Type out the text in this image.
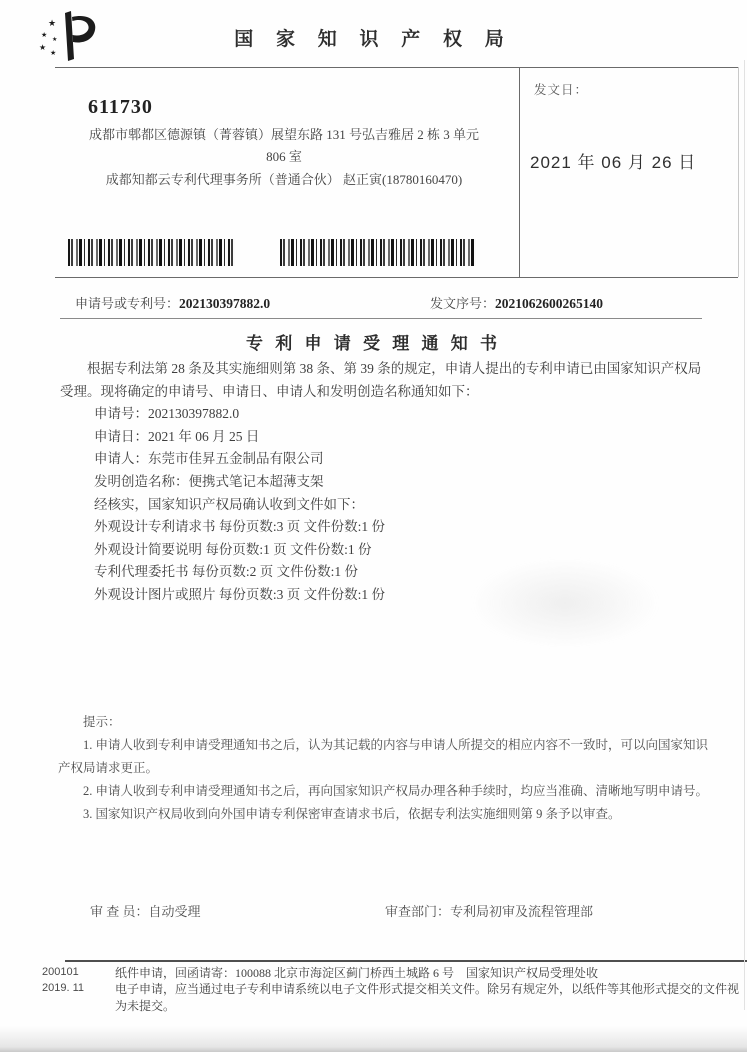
★
★
★
★
★
国 家 知 识 产 权 局
发文日：
2021 年 06 月 26 日
611730
成都市郫都区德源镇（菁蓉镇）展望东路 131 号弘吉雅居 2 栋 3 单元
806 室
成都知都云专利代理事务所（普通合伙） 赵正寅(18780160470)
申请号或专利号：202130397882.0	发文序号：2021062600265140
专 利 申 请 受 理 通 知 书

根据专利法第 28 条及其实施细则第 38 条、第 39 条的规定，申请人提出的专利申请已由国家知识产权局受理。现将确定的申请号、申请日、申请人和发明创造名称通知如下：

申请号：202130397882.0
申请日：2021 年 06 月 25 日
申请人：东莞市佳昇五金制品有限公司
发明创造名称：便携式笔记本超薄支架
经核实，国家知识产权局确认收到文件如下：
外观设计专利请求书 每份页数:3 页 文件份数:1 份
外观设计简要说明 每份页数:1 页 文件份数:1 份
专利代理委托书 每份页数:2 页 文件份数:1 份
外观设计图片或照片 每份页数:3 页 文件份数:1 份

提示：

1. 申请人收到专利申请受理通知书之后，认为其记载的内容与申请人所提交的相应内容不一致时，可以向国家知识产权局请求更正。

2. 申请人收到专利申请受理通知书之后，再向国家知识产权局办理各种手续时，均应当准确、清晰地写明申请号。

3. 国家知识产权局收到向外国申请专利保密审查请求书后，依据专利法实施细则第 9 条予以审查。

审 查 员：自动受理	审查部门：专利局初审及流程管理部
200101
2019. 11
纸件申请，回函请寄：100088 北京市海淀区蓟门桥西土城路 6 号　国家知识产权局受理处收
电子申请，应当通过电子专利申请系统以电子文件形式提交相关文件。除另有规定外，以纸件等其他形式提交的文件视为未提交。
